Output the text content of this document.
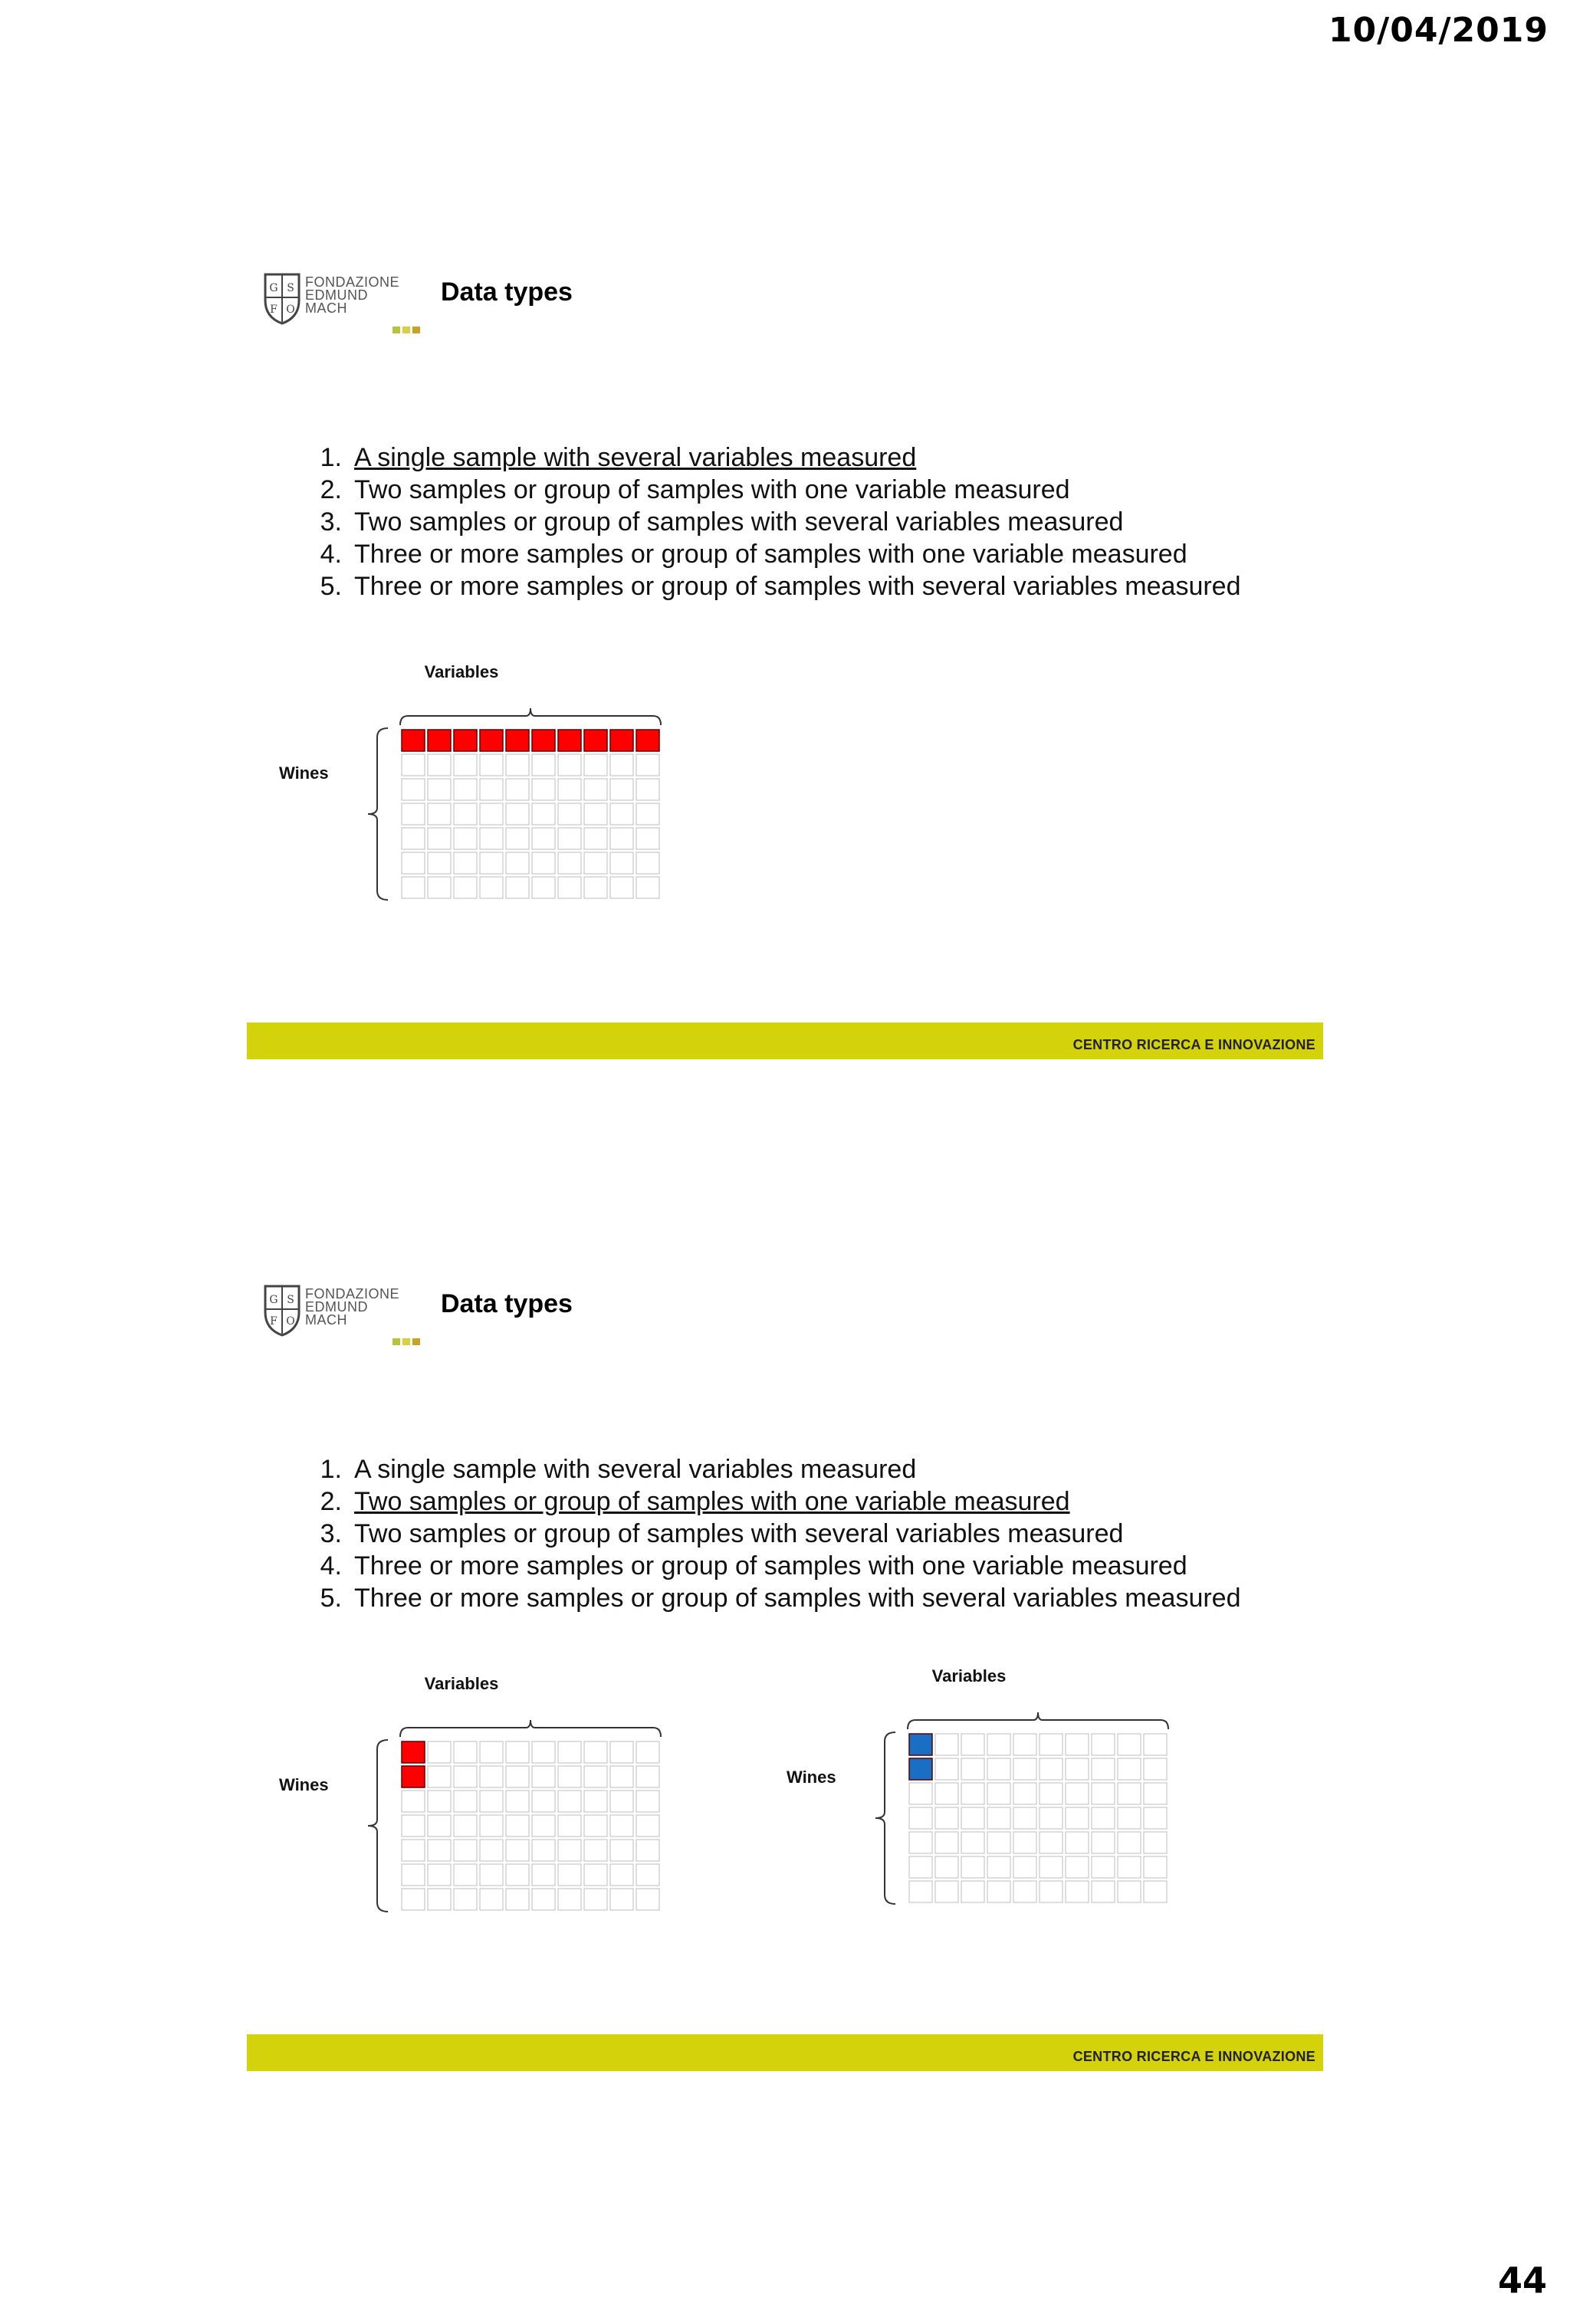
10/04/2019
G S
F O
FONDAZIONE
EDMUND
MACH
Data types
1. A single sample with several variables measured
2. Two samples or group of samples with one variable measured
3. Two samples or group of samples with several variables measured
4. Three or more samples or group of samples with one variable measured
5. Three or more samples or group of samples with several variables measured
Variables
Wines
CENTRO RICERCA E INNOVAZIONE
G S
F O
FONDAZIONE
EDMUND
MACH
Data types
1. A single sample with several variables measured
2. Two samples or group of samples with one variable measured
3. Two samples or group of samples with several variables measured
4. Three or more samples or group of samples with one variable measured
5. Three or more samples or group of samples with several variables measured
Variables
Wines
Variables
Wines
CENTRO RICERCA E INNOVAZIONE
44
